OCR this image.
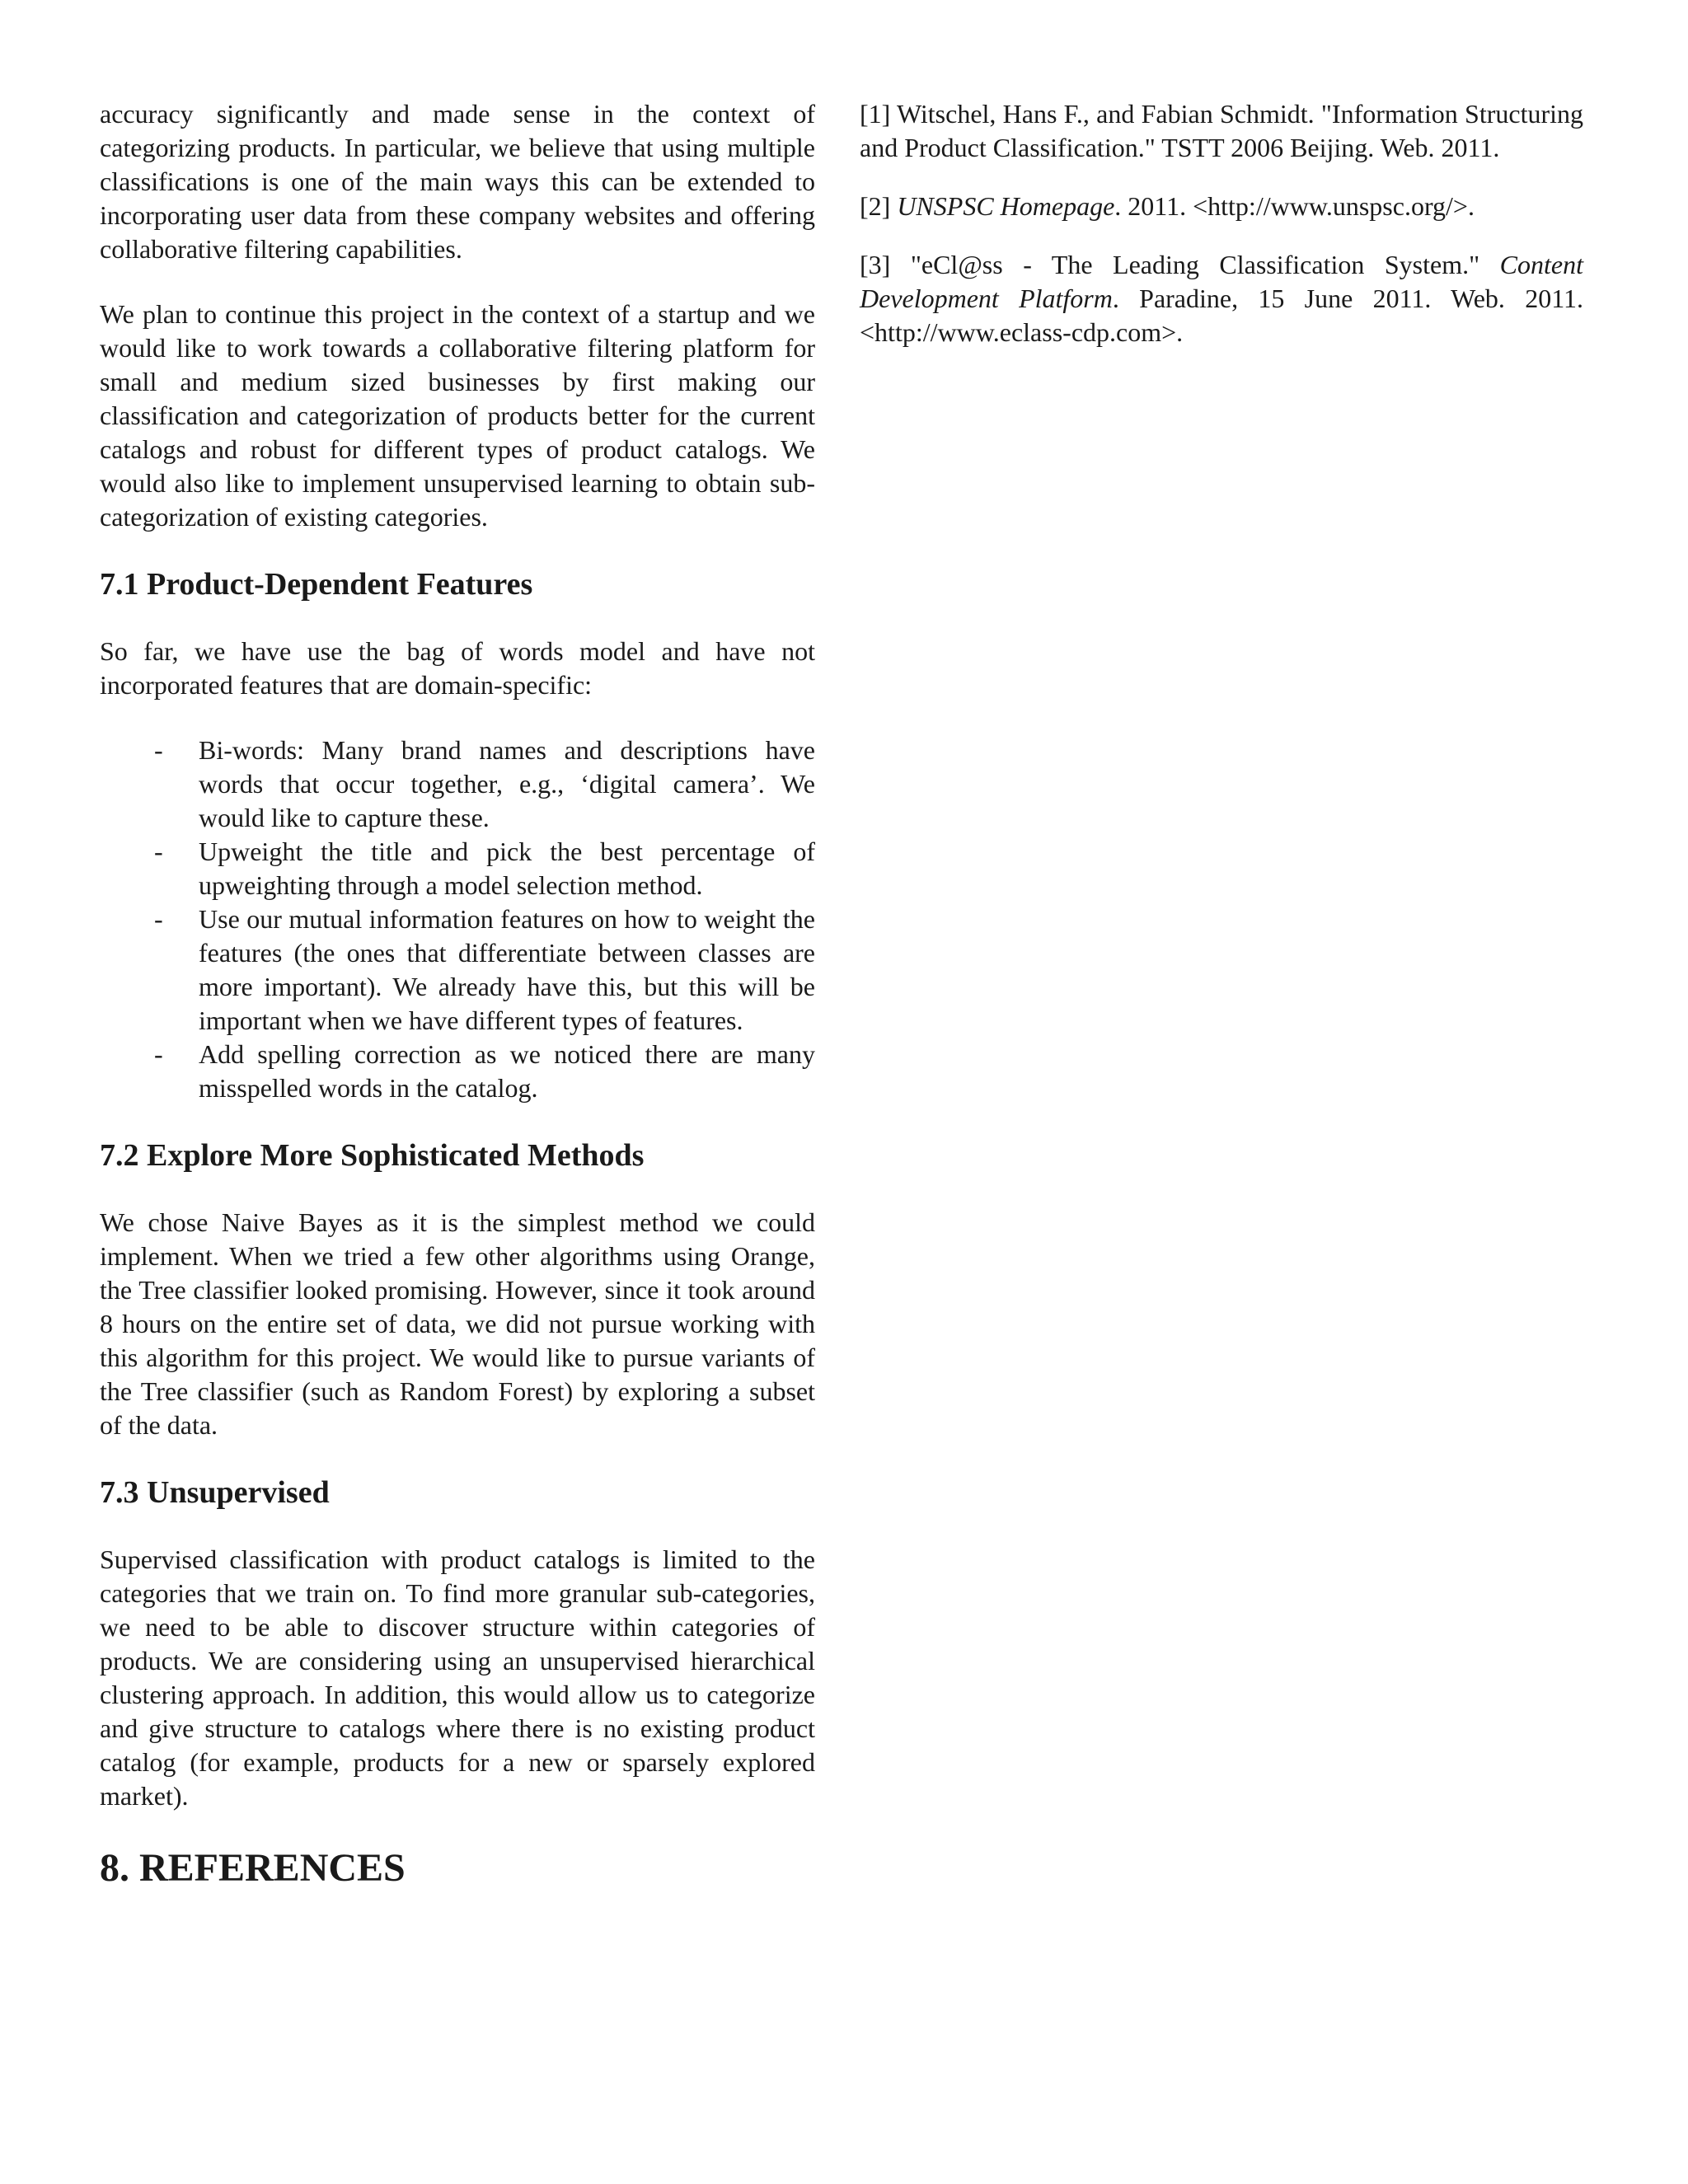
accuracy significantly and made sense in the context of categorizing products. In particular, we believe that using multiple classifications is one of the main ways this can be extended to incorporating user data from these company websites and offering collaborative filtering capabilities.

We plan to continue this project in the context of a startup and we would like to work towards a collaborative filtering platform for small and medium sized businesses by first making our classification and categorization of products better for the current catalogs and robust for different types of product catalogs. We would also like to implement unsupervised learning to obtain sub-categorization of existing categories.

7.1 Product-Dependent Features

So far, we have use the bag of words model and have not incorporated features that are domain-specific:

- Bi-words: Many brand names and descriptions have words that occur together, e.g., ‘digital camera’. We would like to capture these.
- Upweight the title and pick the best percentage of upweighting through a model selection method.
- Use our mutual information features on how to weight the features (the ones that differentiate between classes are more important). We already have this, but this will be important when we have different types of features.
- Add spelling correction as we noticed there are many misspelled words in the catalog.
7.2 Explore More Sophisticated Methods

We chose Naive Bayes as it is the simplest method we could implement. When we tried a few other algorithms using Orange, the Tree classifier looked promising. However, since it took around 8 hours on the entire set of data, we did not pursue working with this algorithm for this project. We would like to pursue variants of the Tree classifier (such as Random Forest) by exploring a subset of the data.

7.3 Unsupervised

Supervised classification with product catalogs is limited to the categories that we train on. To find more granular sub-categories, we need to be able to discover structure within categories of products. We are considering using an unsupervised hierarchical clustering approach. In addition, this would allow us to categorize and give structure to catalogs where there is no existing product catalog (for example, products for a new or sparsely explored market).

8. REFERENCES

[1] Witschel, Hans F., and Fabian Schmidt. "Information Structuring and Product Classification." TSTT 2006 Beijing. Web. 2011.

[2] UNSPSC Homepage. 2011. <http://www.unspsc.org/>.

[3] "eCl@ss - The Leading Classification System." Content Development Platform. Paradine, 15 June 2011. Web. 2011. <http://www.eclass-cdp.com>.
